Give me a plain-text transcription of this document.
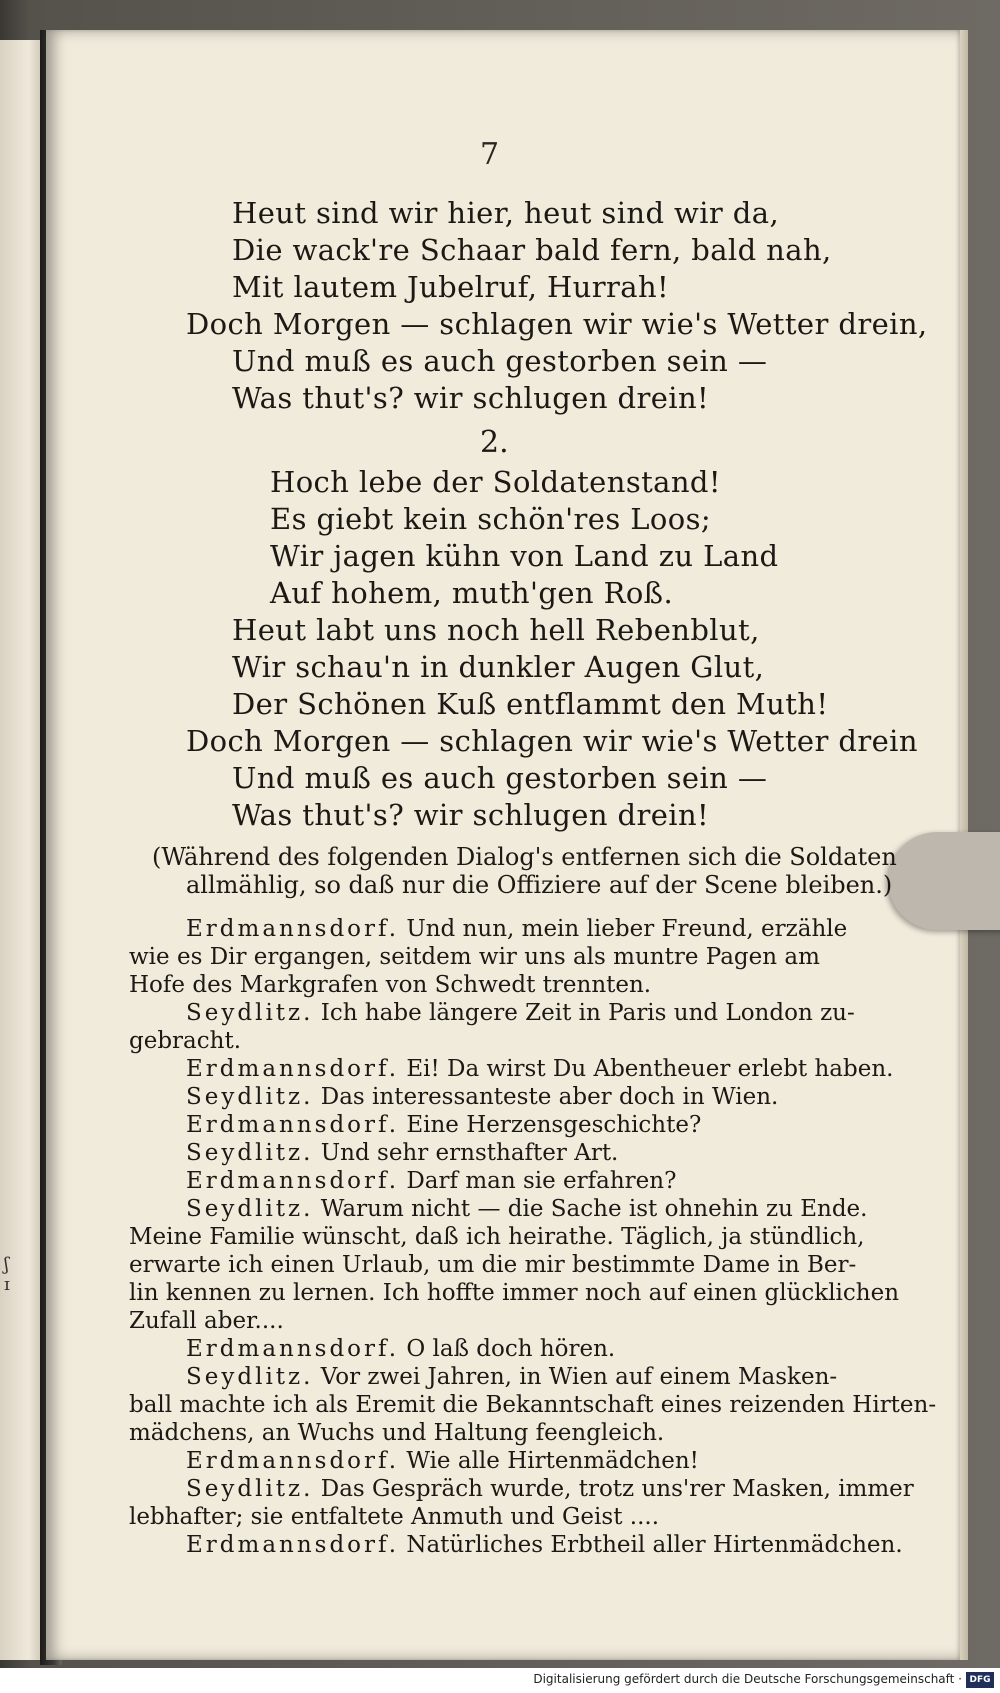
ʃ
ɪ
7
Heut sind wir hier, heut sind wir da,
Die wack're Schaar bald fern, bald nah,
Mit lautem Jubelruf, Hurrah!
Doch Morgen — schlagen wir wie's Wetter drein,
Und muß es auch gestorben sein —
Was thut's? wir schlugen drein!
2.
Hoch lebe der Soldatenstand!
Es giebt kein schön'res Loos;
Wir jagen kühn von Land zu Land
Auf hohem, muth'gen Roß.
Heut labt uns noch hell Rebenblut,
Wir schau'n in dunkler Augen Glut,
Der Schönen Kuß entflammt den Muth!
Doch Morgen — schlagen wir wie's Wetter drein
Und muß es auch gestorben sein —
Was thut's? wir schlugen drein!
(Während des folgenden Dialog's entfernen sich die Soldaten
allmählig, so daß nur die Offiziere auf der Scene bleiben.)
Erdmannsdorf. Und nun, mein lieber Freund, erzähle
wie es Dir ergangen, seitdem wir uns als muntre Pagen am
Hofe des Markgrafen von Schwedt trennten.
Seydlitz. Ich habe längere Zeit in Paris und London zu-
gebracht.
Erdmannsdorf. Ei! Da wirst Du Abentheuer erlebt haben.
Seydlitz. Das interessanteste aber doch in Wien.
Erdmannsdorf. Eine Herzensgeschichte?
Seydlitz. Und sehr ernsthafter Art.
Erdmannsdorf. Darf man sie erfahren?
Seydlitz. Warum nicht — die Sache ist ohnehin zu Ende.
Meine Familie wünscht, daß ich heirathe. Täglich, ja stündlich,
erwarte ich einen Urlaub, um die mir bestimmte Dame in Ber-
lin kennen zu lernen. Ich hoffte immer noch auf einen glücklichen
Zufall aber....
Erdmannsdorf. O laß doch hören.
Seydlitz. Vor zwei Jahren, in Wien auf einem Masken-
ball machte ich als Eremit die Bekanntschaft eines reizenden Hirten-
mädchens, an Wuchs und Haltung feengleich.
Erdmannsdorf. Wie alle Hirtenmädchen!
Seydlitz. Das Gespräch wurde, trotz uns'rer Masken, immer
lebhafter; sie entfaltete Anmuth und Geist ....
Erdmannsdorf. Natürliches Erbtheil aller Hirtenmädchen.
Digitalisierung gefördert durch die Deutsche Forschungsgemeinschaft · DFG
